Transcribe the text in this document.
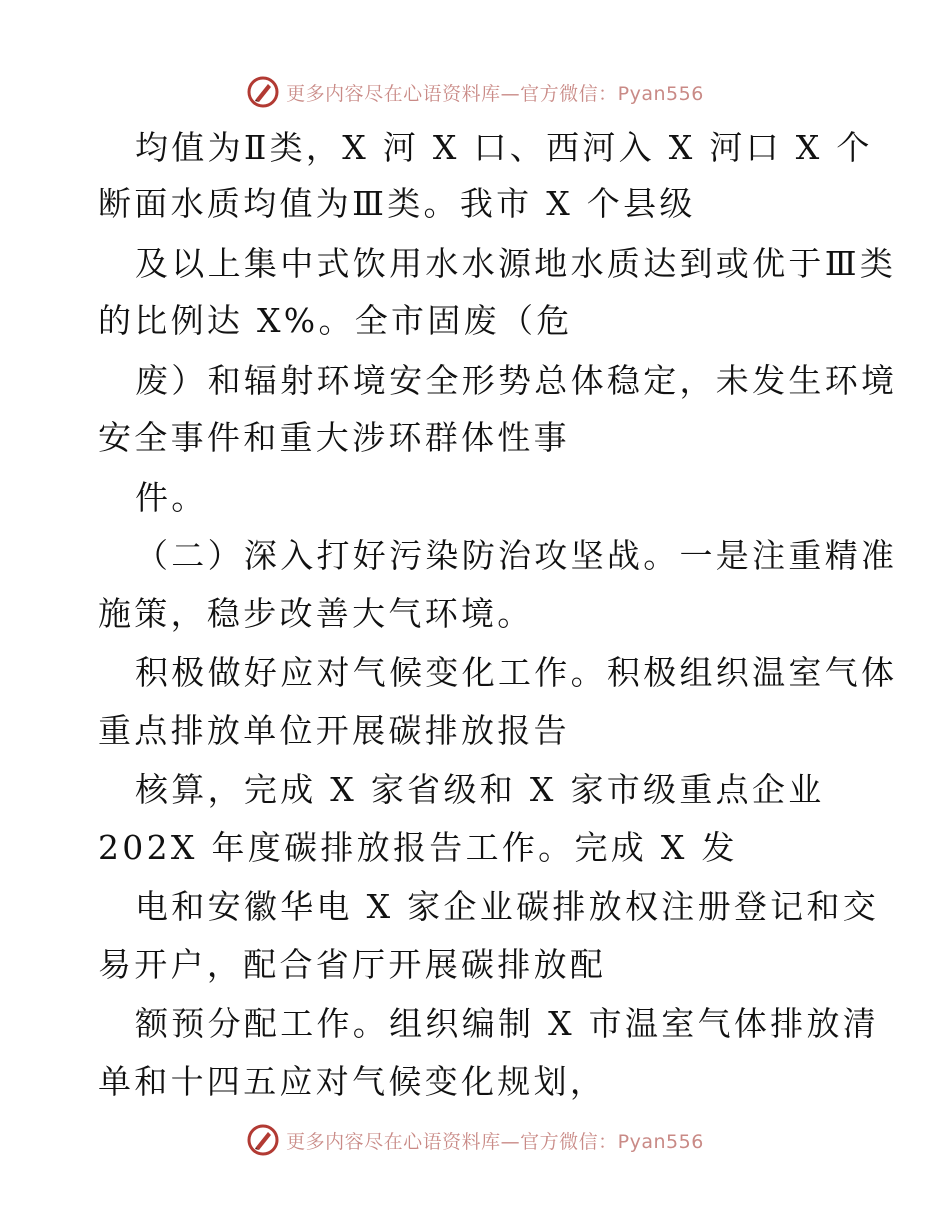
更多内容尽在心语资料库—官方微信：Pyan556
均值为Ⅱ类，X 河 X 口、西河入 X 河口 X 个
断面水质均值为Ⅲ类。我市 X 个县级
及以上集中式饮用水水源地水质达到或优于Ⅲ类
的比例达 X%。全市固废（危
废）和辐射环境安全形势总体稳定，未发生环境
安全事件和重大涉环群体性事
件。
（二）深入打好污染防治攻坚战。一是注重精准
施策，稳步改善大气环境。
积极做好应对气候变化工作。积极组织温室气体
重点排放单位开展碳排放报告
核算，完成 X 家省级和 X 家市级重点企业
202X 年度碳排放报告工作。完成 X 发
电和安徽华电 X 家企业碳排放权注册登记和交
易开户，配合省厅开展碳排放配
额预分配工作。组织编制 X 市温室气体排放清
单和十四五应对气候变化规划，
更多内容尽在心语资料库—官方微信：Pyan556
